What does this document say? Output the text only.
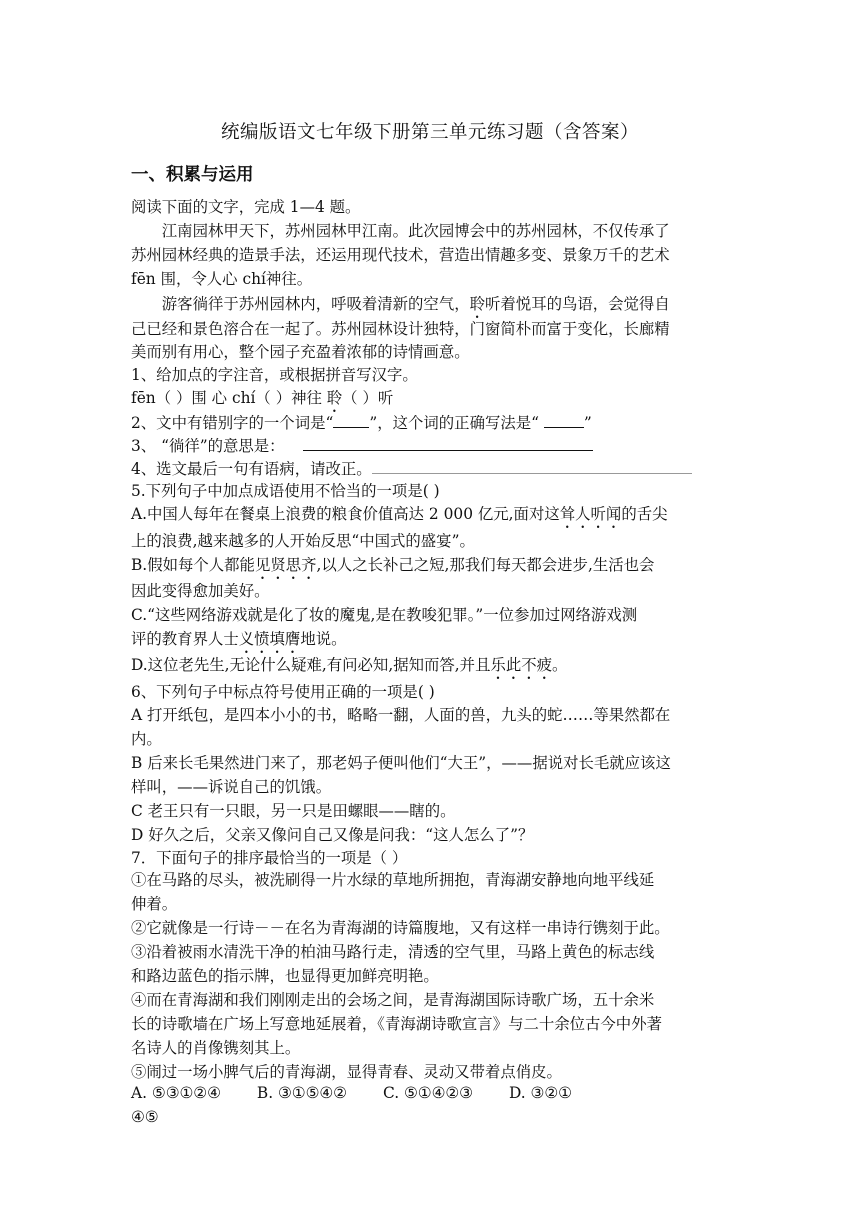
统编版语文七年级下册第三单元练习题（含答案）
一、积累与运用
阅读下面的文字，完成 1—4 题。
　　江南园林甲天下，苏州园林甲江南。此次园博会中的苏州园林，不仅传承了
苏州园林经典的造景手法，还运用现代技术，营造出情趣多变、景象万千的艺术
fēn 围，令人心 chí神往。
　　游客徜徉于苏州园林内，呼吸着清新的空气，聆听着悦耳的鸟语，会觉得自
己已经和景色溶合在一起了。苏州园林设计独特，门窗简朴而富于变化，长廊精
美而别有用心，整个园子充盈着浓郁的诗情画意。
1、给加点的字注音，或根据拼音写汉字。
fēn（ ）围 心 chí（ ）神往 聆（ ）听
2、文中有错别字的一个词是“ ”，这个词的正确写法是“	”
3、 “徜徉”的意思是：
4、选文最后一句有语病，请改正。
5.下列句子中加点成语使用不恰当的一项是( )
A.中国人每年在餐桌上浪费的粮食价值高达 2 000 亿元,面对这耸人听闻的舌尖
上的浪费,越来越多的人开始反思“中国式的盛宴”。
B.假如每个人都能见贤思齐,以人之长补己之短,那我们每天都会进步,生活也会
因此变得愈加美好。
C.“这些网络游戏就是化了妆的魔鬼,是在教唆犯罪。”一位参加过网络游戏测
评的教育界人士义愤填膺地说。
D.这位老先生,无论什么疑难,有问必知,据知而答,并且乐此不疲。
6、下列句子中标点符号使用正确的一项是( )
A 打开纸包，是四本小小的书，略略一翻，人面的兽，九头的蛇……等果然都在
内。
B 后来长毛果然进门来了，那老妈子便叫他们“大王”，——据说对长毛就应该这
样叫，——诉说自己的饥饿。
C 老王只有一只眼，另一只是田螺眼——瞎的。
D 好久之后，父亲又像问自己又像是问我：“这人怎么了”？
7．下面句子的排序最恰当的一项是（ ）
①在马路的尽头，被洗刷得一片水绿的草地所拥抱，青海湖安静地向地平线延
伸着。
②它就像是一行诗－－在名为青海湖的诗篇腹地，又有这样一串诗行镌刻于此。
③沿着被雨水清洗干净的柏油马路行走，清透的空气里，马路上黄色的标志线
和路边蓝色的指示牌，也显得更加鲜亮明艳。
④而在青海湖和我们刚刚走出的会场之间，是青海湖国际诗歌广场，五十余米
长的诗歌墙在广场上写意地延展着，《青海湖诗歌宣言》与二十余位古今中外著
名诗人的肖像镌刻其上。
⑤闹过一场小脾气后的青海湖，显得青春、灵动又带着点俏皮。
A. ⑤③①②④ B. ③①⑤④② C. ⑤①④②③ D. ③②①
④⑤
